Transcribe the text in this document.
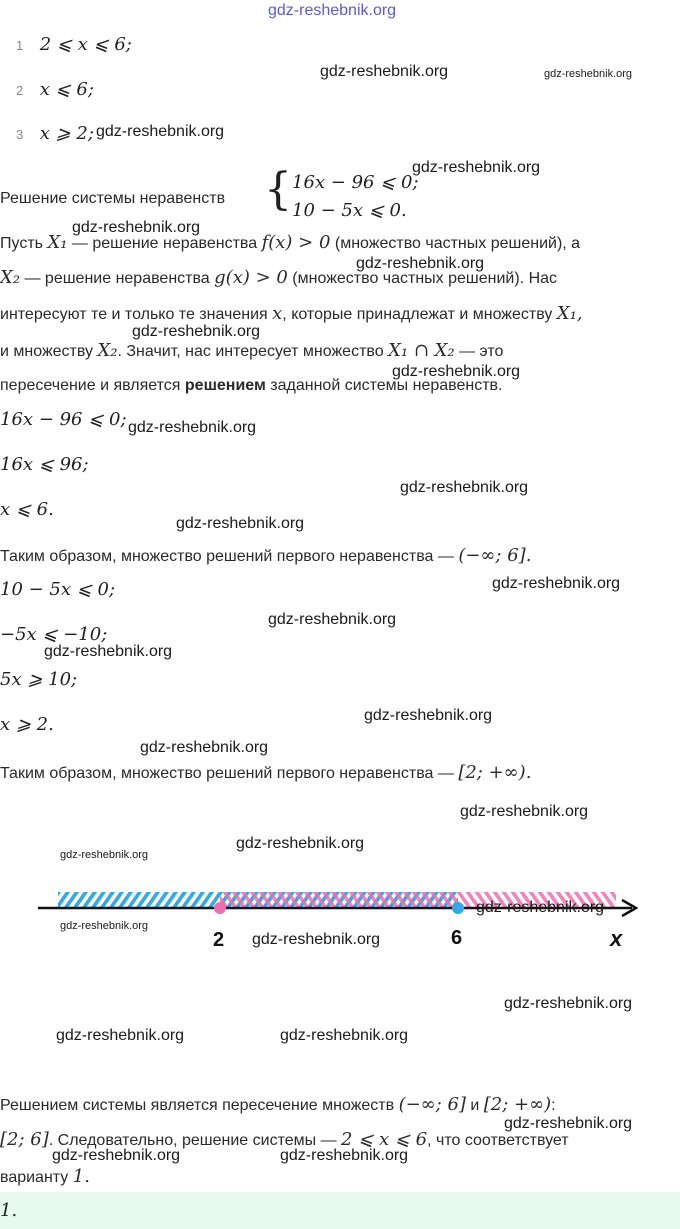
gdz-reshebnik.org
1 2 ⩽ x ⩽ 6;
2 x ⩽ 6;
3 x ⩾ 2;
Решение системы неравенств { 16x − 96 ⩽ 0;
10 − 5x ⩽ 0.
Пусть X₁ — решение неравенства f(x) > 0 (множество частных решений), а
X₂ — решение неравенства g(x) > 0 (множество частных решений). Нас
интересуют те и только те значения x, которые принадлежат и множеству X₁,
и множеству X₂. Значит, нас интересует множество X₁ ∩ X₂ — это
пересечение и является решением заданной системы неравенств.
16x − 96 ⩽ 0;
16x ⩽ 96;
x ⩽ 6.
Таким образом, множество решений первого неравенства — (−∞; 6].
10 − 5x ⩽ 0;
−5x ⩽ −10;
5x ⩾ 10;
x ⩾ 2.
Таким образом, множество решений первого неравенства — [2; +∞).
2	6	x
Решением системы является пересечение множеств (−∞; 6] и [2; +∞):
[2; 6]. Следовательно, решение системы — 2 ⩽ x ⩽ 6, что соответствует
варианту 1.
1.
gdz-reshebnik.org	gdz-reshebnik.org
gdz-reshebnik.org
gdz-reshebnik.org
gdz-reshebnik.org
gdz-reshebnik.org
gdz-reshebnik.org
gdz-reshebnik.org
gdz-reshebnik.org
gdz-reshebnik.org
gdz-reshebnik.org
gdz-reshebnik.org
gdz-reshebnik.org
gdz-reshebnik.org
gdz-reshebnik.org
gdz-reshebnik.org
gdz-reshebnik.org
gdz-reshebnik.org
gdz-reshebnik.org
gdz-reshebnik.org
gdz-reshebnik.org
gdz-reshebnik.org
gdz-reshebnik.org
gdz-reshebnik.org	gdz-reshebnik.org
gdz-reshebnik.org
gdz-reshebnik.org	gdz-reshebnik.org
